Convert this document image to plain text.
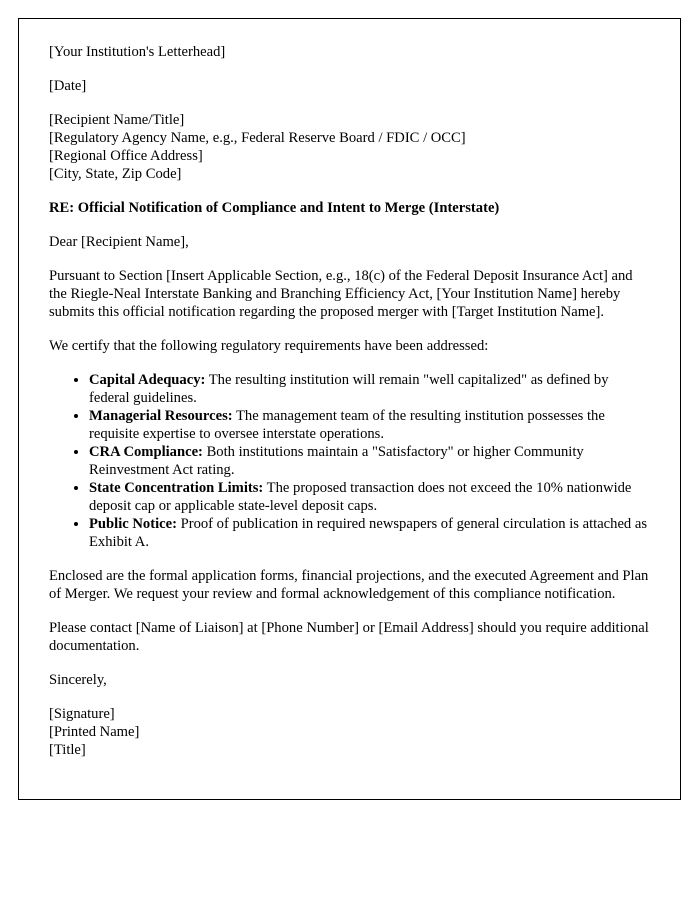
[Your Institution's Letterhead]

[Date]

[Recipient Name/Title]

[Regulatory Agency Name, e.g., Federal Reserve Board / FDIC / OCC]

[Regional Office Address]

[City, State, Zip Code]

RE: Official Notification of Compliance and Intent to Merge (Interstate)

Dear [Recipient Name],

Pursuant to Section [Insert Applicable Section, e.g., 18(c) of the Federal Deposit Insurance Act] and the Riegle-Neal Interstate Banking and Branching Efficiency Act, [Your Institution Name] hereby submits this official notification regarding the proposed merger with [Target Institution Name].

We certify that the following regulatory requirements have been addressed:

• Capital Adequacy: The resulting institution will remain "well capitalized" as defined by federal guidelines.
• Managerial Resources: The management team of the resulting institution possesses the requisite expertise to oversee interstate operations.
• CRA Compliance: Both institutions maintain a "Satisfactory" or higher Community Reinvestment Act rating.
• State Concentration Limits: The proposed transaction does not exceed the 10% nationwide deposit cap or applicable state-level deposit caps.
• Public Notice: Proof of publication in required newspapers of general circulation is attached as Exhibit A.

Enclosed are the formal application forms, financial projections, and the executed Agreement and Plan of Merger. We request your review and formal acknowledgement of this compliance notification.

Please contact [Name of Liaison] at [Phone Number] or [Email Address] should you require additional documentation.

Sincerely,

[Signature]

[Printed Name]

[Title]
